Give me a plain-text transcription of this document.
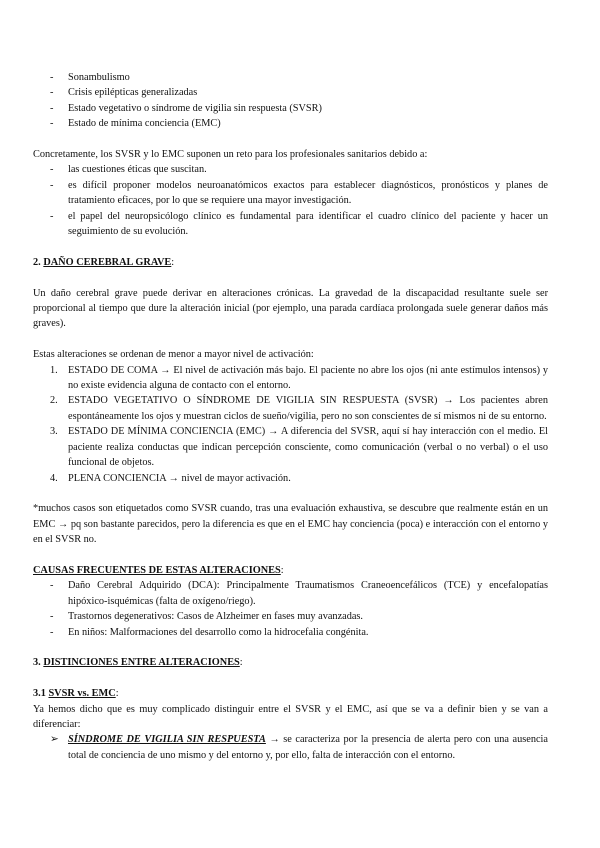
- Sonambulismo
- Crisis epilépticas generalizadas
- Estado vegetativo o síndrome de vigilia sin respuesta (SVSR)
- Estado de mínima conciencia (EMC)

Concretamente, los SVSR y lo EMC suponen un reto para los profesionales sanitarios debido a:

- las cuestiones éticas que suscitan.
- es difícil proponer modelos neuroanatómicos exactos para establecer diagnósticos, pronósticos y planes de tratamiento eficaces, por lo que se requiere una mayor investigación.
- el papel del neuropsicólogo clínico es fundamental para identificar el cuadro clínico del paciente y hacer un seguimiento de su evolución.
2. DAÑO CEREBRAL GRAVE:

Un daño cerebral grave puede derivar en alteraciones crónicas. La gravedad de la discapacidad resultante suele ser proporcional al tiempo que dure la alteración inicial (por ejemplo, una parada cardíaca prolongada suele generar daños más graves).

Estas alteraciones se ordenan de menor a mayor nivel de activación:

1. ESTADO DE COMA → El nivel de activación más bajo. El paciente no abre los ojos (ni ante estímulos intensos) y no existe evidencia alguna de contacto con el entorno.
2. ESTADO VEGETATIVO O SÍNDROME DE VIGILIA SIN RESPUESTA (SVSR) → Los pacientes abren espontáneamente los ojos y muestran ciclos de sueño/vigilia, pero no son conscientes de sí mismos ni de su entorno.
3. ESTADO DE MÍNIMA CONCIENCIA (EMC) → A diferencia del SVSR, aquí sí hay interacción con el medio. El paciente realiza conductas que indican percepción consciente, como comunicación (verbal o no verbal) o el uso funcional de objetos.
4. PLENA CONCIENCIA → nivel de mayor activación.

*muchos casos son etiquetados como SVSR cuando, tras una evaluación exhaustiva, se descubre que realmente están en un EMC → pq son bastante parecidos, pero la diferencia es que en el EMC hay conciencia (poca) e interacción con el entorno y en el SVSR no.

CAUSAS FRECUENTES DE ESTAS ALTERACIONES:
- Daño Cerebral Adquirido (DCA): Principalmente Traumatismos Craneoencefálicos (TCE) y encefalopatías hipóxico-isquémicas (falta de oxígeno/riego).
- Trastornos degenerativos: Casos de Alzheimer en fases muy avanzadas.
- En niños: Malformaciones del desarrollo como la hidrocefalia congénita.
3. DISTINCIONES ENTRE ALTERACIONES:
3.1 SVSR vs. EMC:

Ya hemos dicho que es muy complicado distinguir entre el SVSR y el EMC, así que se va a definir bien y se van a diferenciar:

➢ SÍNDROME DE VIGILIA SIN RESPUESTA → se caracteriza por la presencia de alerta pero con una ausencia total de conciencia de uno mismo y del entorno y, por ello, falta de interacción con el entorno.
